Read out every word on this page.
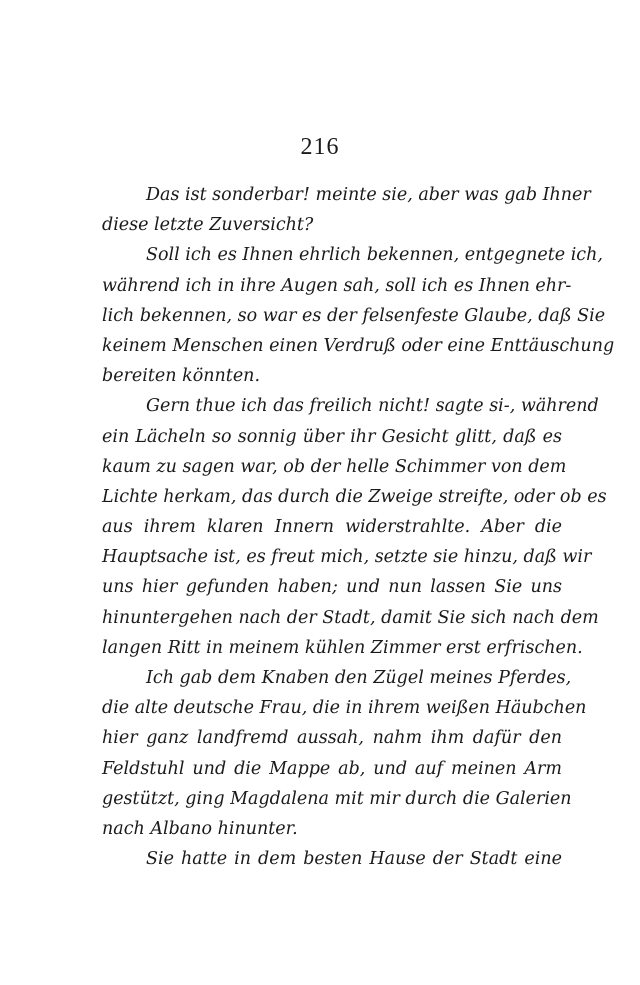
216
Das ist sonderbar! meinte sie, aber was gab Ihner
diese letzte Zuversicht?
Soll ich es Ihnen ehrlich bekennen, entgegnete ich,
während ich in ihre Augen sah, soll ich es Ihnen ehr-
lich bekennen, so war es der felsenfeste Glaube, daß Sie
keinem Menschen einen Verdruß oder eine Enttäuschung
bereiten könnten.
Gern thue ich das freilich nicht! sagte si-, während
ein Lächeln so sonnig über ihr Gesicht glitt, daß es
kaum zu sagen war, ob der helle Schimmer von dem
Lichte herkam, das durch die Zweige streifte, oder ob es
aus ihrem klaren Innern widerstrahlte. Aber die
Hauptsache ist, es freut mich, setzte sie hinzu, daß wir
uns hier gefunden haben; und nun lassen Sie uns
hinuntergehen nach der Stadt, damit Sie sich nach dem
langen Ritt in meinem kühlen Zimmer erst erfrischen.
Ich gab dem Knaben den Zügel meines Pferdes,
die alte deutsche Frau, die in ihrem weißen Häubchen
hier ganz landfremd aussah, nahm ihm dafür den
Feldstuhl und die Mappe ab, und auf meinen Arm
gestützt, ging Magdalena mit mir durch die Galerien
nach Albano hinunter.
Sie hatte in dem besten Hause der Stadt eine
